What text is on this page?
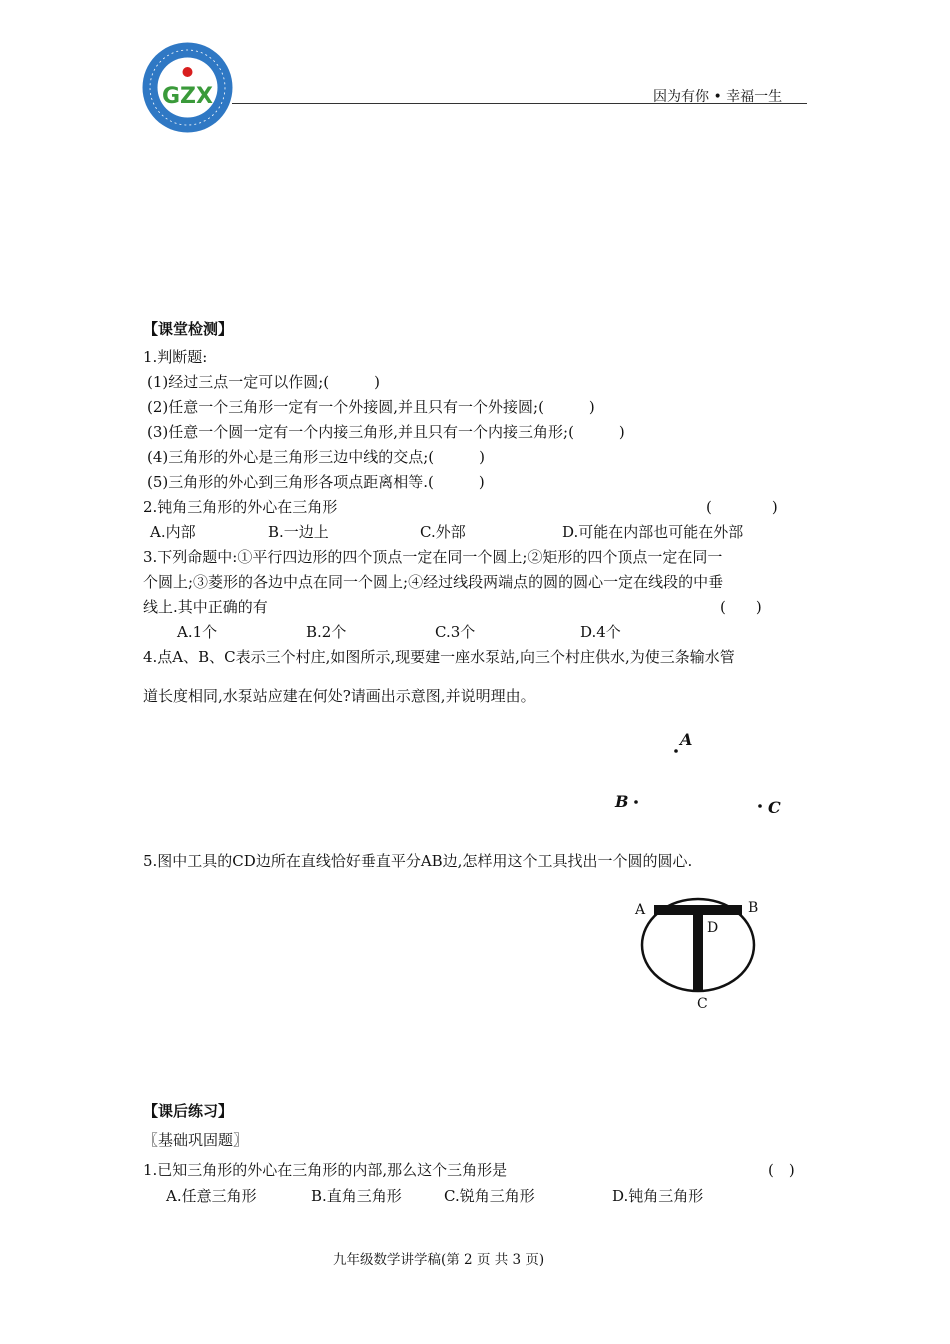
GZX	因为有你 • 幸福一生
【课堂检测】
1.判断题:
(1)经过三点一定可以作圆;(　　　)
(2)任意一个三角形一定有一个外接圆,并且只有一个外接圆;(　　　)
(3)任意一个圆一定有一个内接三角形,并且只有一个内接三角形;(　　　)
(4)三角形的外心是三角形三边中线的交点;(　　　)
(5)三角形的外心到三角形各项点距离相等.(　　　)
2.钝角三角形的外心在三角形	(　　　　)
A.内部	B.一边上	C.外部	D.可能在内部也可能在外部
3.下列命题中:①平行四边形的四个顶点一定在同一个圆上;②矩形的四个顶点一定在同一
个圆上;③菱形的各边中点在同一个圆上;④经过线段两端点的圆的圆心一定在线段的中垂
线上.其中正确的有	(　　)
A.1个	B.2个	C.3个	D.4个
4.点A、B、C表示三个村庄,如图所示,现要建一座水泵站,向三个村庄供水,为使三条输水管
道长度相同,水泵站应建在何处?请画出示意图,并说明理由。
A
B	C
5.图中工具的CD边所在直线恰好垂直平分AB边,怎样用这个工具找出一个圆的圆心.
A	B
D
C
【课后练习】
〖基础巩固题〗
1.已知三角形的外心在三角形的内部,那么这个三角形是	(　)
A.任意三角形	B.直角三角形	C.锐角三角形	D.钝角三角形
九年级数学讲学稿(第 2 页 共 3 页)
